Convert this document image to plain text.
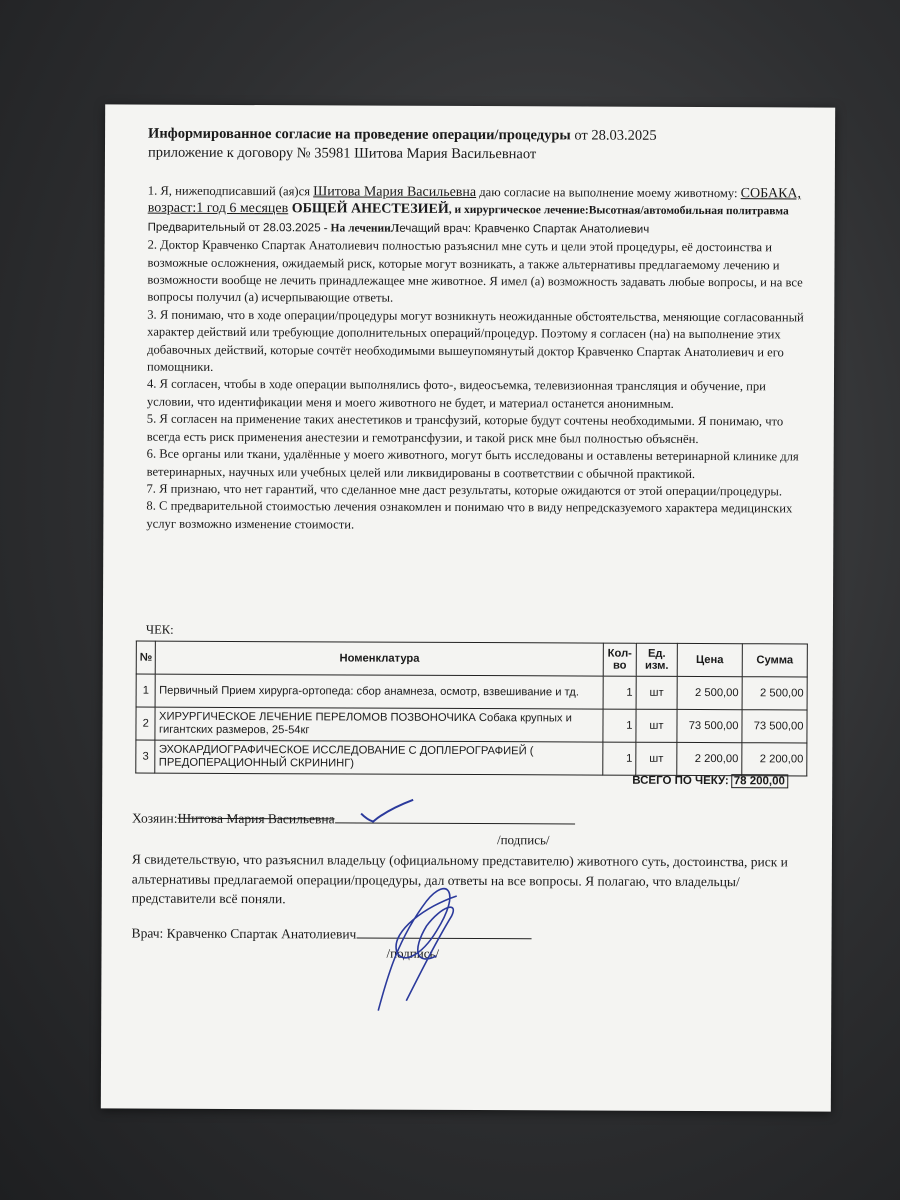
Информированное согласие на проведение операции/процедуры от 28.03.2025
приложение к договору № 35981 Шитова Мария Васильевнаот

1. Я, нижеподписавший (ая)ся Шитова Мария Васильевна даю согласие на выполнение моему животному: СОБАКА, возраст:1 год 6 месяцев ОБЩЕЙ АНЕСТЕЗИЕЙ, и хирургическое лечение:Высотная/автомобильная политравма Предварительный от 28.03.2025 - На леченииЛечащий врач: Кравченко Спартак Анатолиевич

2. Доктор Кравченко Спартак Анатолиевич полностью разъяснил мне суть и цели этой процедуры, её достоинства и возможные осложнения, ожидаемый риск, которые могут возникать, а также альтернативы предлагаемому лечению и возможности вообще не лечить принадлежащее мне животное. Я имел (а) возможность задавать любые вопросы, и на все вопросы получил (а) исчерпывающие ответы.

3. Я понимаю, что в ходе операции/процедуры могут возникнуть неожиданные обстоятельства, меняющие согласованный характер действий или требующие дополнительных операций/процедур. Поэтому я согласен (на) на выполнение этих добавочных действий, которые сочтёт необходимыми вышеупомянутый доктор Кравченко Спартак Анатолиевич и его помощники.

4. Я согласен, чтобы в ходе операции выполнялись фото-, видеосъемка, телевизионная трансляция и обучение, при условии, что идентификации меня и моего животного не будет, и материал останется анонимным.

5. Я согласен на применение таких анестетиков и трансфузий, которые будут сочтены необходимыми. Я понимаю, что всегда есть риск применения анестезии и гемотрансфузии, и такой риск мне был полностью объяснён.

6. Все органы или ткани, удалённые у моего животного, могут быть исследованы и оставлены ветеринарной клинике для ветеринарных, научных или учебных целей или ликвидированы в соответствии с обычной практикой.

7. Я признаю, что нет гарантий, что сделанное мне даст результаты, которые ожидаются от этой операции/процедуры.

8. С предварительной стоимостью лечения ознакомлен и понимаю что в виду непредсказуемого характера медицинских услуг возможно изменение стоимости.

ЧЕК:
№	Номенклатура	Кол-во	Ед. изм.	Цена	Сумма
1	Первичный Прием хирурга-ортопеда: сбор анамнеза, осмотр, взвешивание и тд.	1	шт	2 500,00	2 500,00
2	ХИРУРГИЧЕСКОЕ ЛЕЧЕНИЕ ПЕРЕЛОМОВ ПОЗВОНОЧИКА Собака крупных и гигантских размеров, 25-54кг	1	шт	73 500,00	73 500,00
3	ЭХОКАРДИОГРАФИЧЕСКОЕ ИССЛЕДОВАНИЕ С ДОПЛЕРОГРАФИЕЙ ( ПРЕДОПЕРАЦИОННЫЙ СКРИНИНГ)	1	шт	2 200,00	2 200,00
ВСЕГО ПО ЧЕКУ: 78 200,00
Хозяин:Шитова Мария Васильевна
/подпись/
Я свидетельствую, что разъяснил владельцу (официальному представителю) животного суть, достоинства, риск и альтернативы предлагаемой операции/процедуры, дал ответы на все вопросы. Я полагаю, что владельцы/представители всё поняли.
Врач: Кравченко Спартак Анатолиевич
/подпись/
